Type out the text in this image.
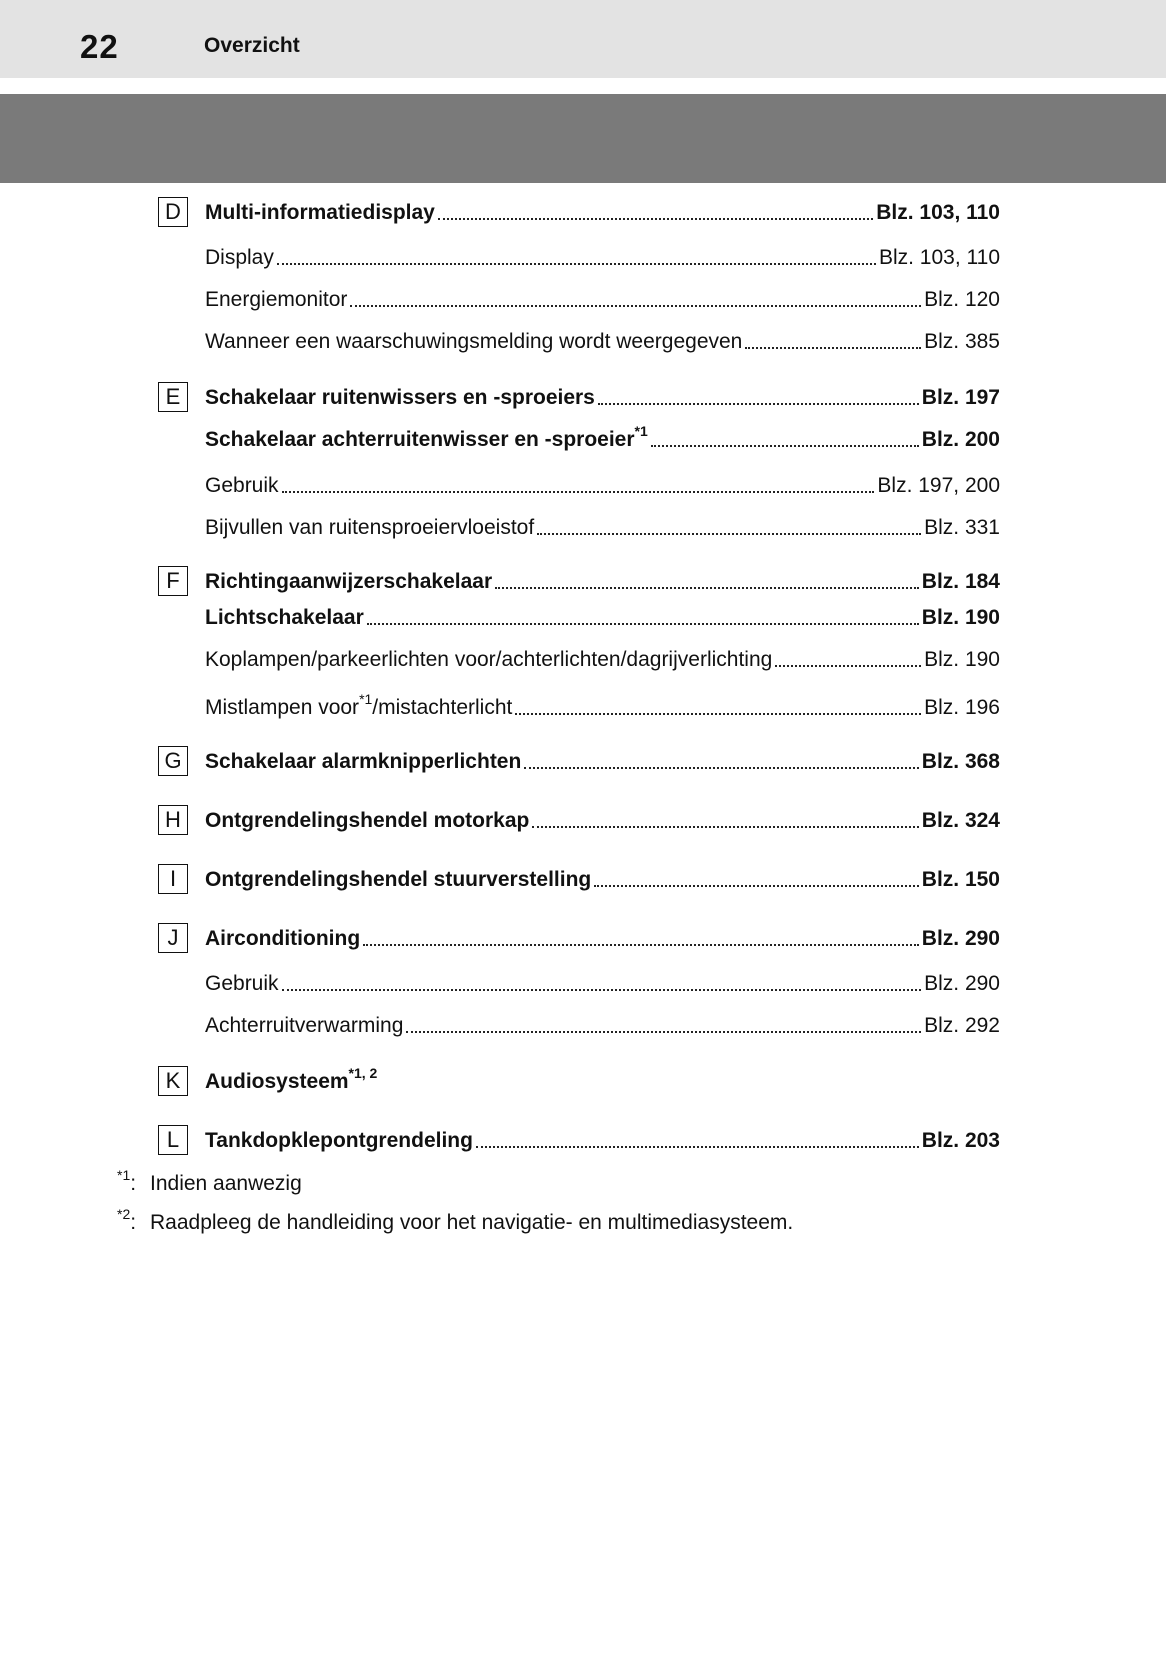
22	Overzicht
D	Multi-informatiedisplay	Blz. 103, 110
Display	Blz. 103, 110
Energiemonitor	Blz. 120
Wanneer een waarschuwingsmelding wordt weergegeven	Blz. 385
E	Schakelaar ruitenwissers en -sproeiers	Blz. 197
Schakelaar achterruitenwisser en -sproeier$^{*1}$	Blz. 200
Gebruik	Blz. 197, 200
Bijvullen van ruitensproeiervloeistof	Blz. 331
F	Richtingaanwijzerschakelaar	Blz. 184
Lichtschakelaar	Blz. 190
Koplampen/parkeerlichten voor/achterlichten/dagrijverlichting	Blz. 190
Mistlampen voor$^{*1}$/mistachterlicht	Blz. 196
G	Schakelaar alarmknipperlichten	Blz. 368
H	Ontgrendelingshendel motorkap	Blz. 324
I	Ontgrendelingshendel stuurverstelling	Blz. 150
J	Airconditioning	Blz. 290
Gebruik	Blz. 290
Achterruitverwarming	Blz. 292
K	Audiosysteem$^{*1, 2}$
L	Tankdopklepontgrendeling	Blz. 203
$^{*1}$: Indien aanwezig
$^{*2}$: Raadpleeg de handleiding voor het navigatie- en multimediasysteem.
